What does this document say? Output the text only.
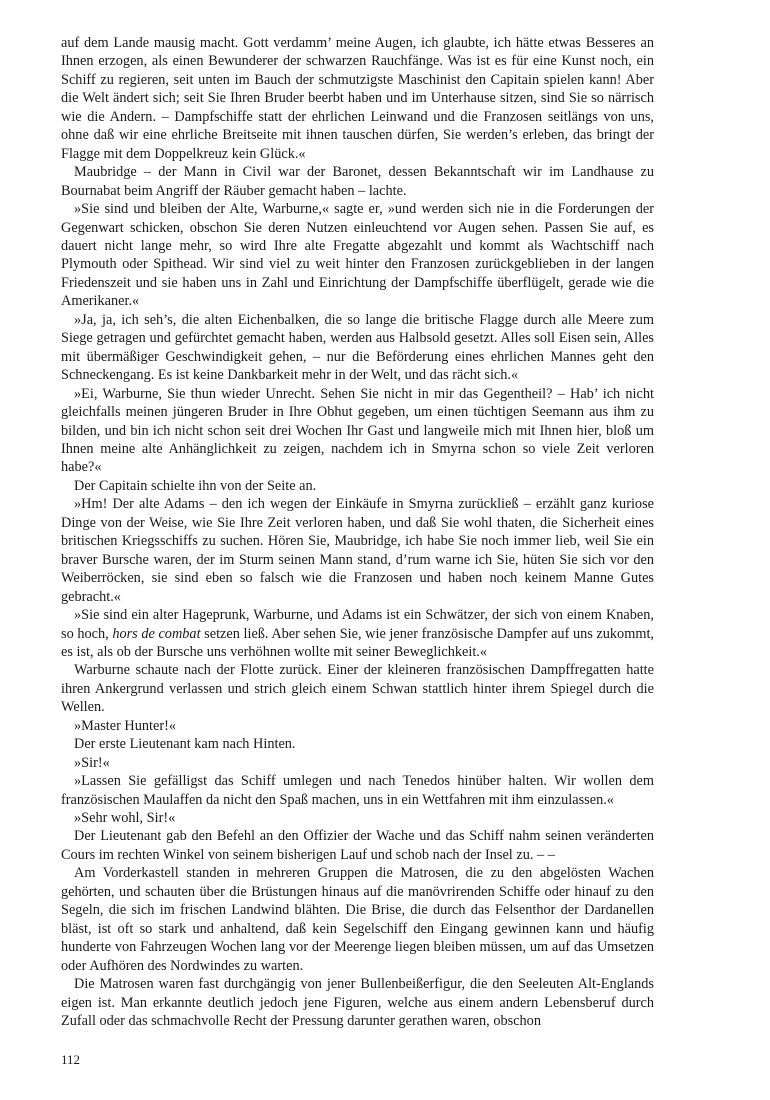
auf dem Lande mausig macht. Gott verdamm’ meine Augen, ich glaubte, ich hätte etwas Besseres an Ihnen erzogen, als einen Bewunderer der schwarzen Rauchfänge. Was ist es für eine Kunst noch, ein Schiff zu regieren, seit unten im Bauch der schmutzigste Maschinist den Capitain spielen kann! Aber die Welt ändert sich; seit Sie Ihren Bruder beerbt haben und im Unterhause sitzen, sind Sie so närrisch wie die Andern. – Dampfschiffe statt der ehrlichen Leinwand und die Franzosen seitlängs von uns, ohne daß wir eine ehrliche Breitseite mit ihnen tauschen dürfen, Sie werden’s erleben, das bringt der Flagge mit dem Doppelkreuz kein Glück.«

Maubridge – der Mann in Civil war der Baronet, dessen Bekanntschaft wir im Landhause zu Bournabat beim Angriff der Räuber gemacht haben – lachte.

»Sie sind und bleiben der Alte, Warburne,« sagte er, »und werden sich nie in die Forderungen der Gegenwart schicken, obschon Sie deren Nutzen einleuchtend vor Augen sehen. Passen Sie auf, es dauert nicht lange mehr, so wird Ihre alte Fregatte abgezahlt und kommt als Wachtschiff nach Plymouth oder Spithead. Wir sind viel zu weit hinter den Franzosen zurückgeblieben in der langen Friedenszeit und sie haben uns in Zahl und Einrichtung der Dampfschiffe überflügelt, gerade wie die Amerikaner.«

»Ja, ja, ich seh’s, die alten Eichenbalken, die so lange die britische Flagge durch alle Meere zum Siege getragen und gefürchtet gemacht haben, werden aus Halbsold gesetzt. Alles soll Eisen sein, Alles mit übermäßiger Geschwindigkeit gehen, – nur die Beförderung eines ehrlichen Mannes geht den Schneckengang. Es ist keine Dankbarkeit mehr in der Welt, und das rächt sich.«

»Ei, Warburne, Sie thun wieder Unrecht. Sehen Sie nicht in mir das Gegentheil? – Hab’ ich nicht gleichfalls meinen jüngeren Bruder in Ihre Obhut gegeben, um einen tüchtigen Seemann aus ihm zu bilden, und bin ich nicht schon seit drei Wochen Ihr Gast und langweile mich mit Ihnen hier, bloß um Ihnen meine alte Anhänglichkeit zu zeigen, nachdem ich in Smyrna schon so viele Zeit verloren habe?«

Der Capitain schielte ihn von der Seite an.

»Hm! Der alte Adams – den ich wegen der Einkäufe in Smyrna zurückließ – erzählt ganz kuriose Dinge von der Weise, wie Sie Ihre Zeit verloren haben, und daß Sie wohl thaten, die Sicherheit eines britischen Kriegsschiffs zu suchen. Hören Sie, Maubridge, ich habe Sie noch immer lieb, weil Sie ein braver Bursche waren, der im Sturm seinen Mann stand, d’rum warne ich Sie, hüten Sie sich vor den Weiberröcken, sie sind eben so falsch wie die Franzosen und haben noch keinem Manne Gutes gebracht.«

»Sie sind ein alter Hageprunk, Warburne, und Adams ist ein Schwätzer, der sich von einem Knaben, so hoch, hors de combat setzen ließ. Aber sehen Sie, wie jener französische Dampfer auf uns zukommt, es ist, als ob der Bursche uns verhöhnen wollte mit seiner Beweglichkeit.«

Warburne schaute nach der Flotte zurück. Einer der kleineren französischen Dampffregatten hatte ihren Ankergrund verlassen und strich gleich einem Schwan stattlich hinter ihrem Spiegel durch die Wellen.

»Master Hunter!«

Der erste Lieutenant kam nach Hinten.

»Sir!«

»Lassen Sie gefälligst das Schiff umlegen und nach Tenedos hinüber halten. Wir wollen dem französischen Maulaffen da nicht den Spaß machen, uns in ein Wettfahren mit ihm einzulassen.«

»Sehr wohl, Sir!«

Der Lieutenant gab den Befehl an den Offizier der Wache und das Schiff nahm seinen veränderten Cours im rechten Winkel von seinem bisherigen Lauf und schob nach der Insel zu. – –

Am Vorderkastell standen in mehreren Gruppen die Matrosen, die zu den abgelösten Wachen gehörten, und schauten über die Brüstungen hinaus auf die manövrirenden Schiffe oder hinauf zu den Segeln, die sich im frischen Landwind blähten. Die Brise, die durch das Felsenthor der Dardanellen bläst, ist oft so stark und anhaltend, daß kein Segelschiff den Eingang gewinnen kann und häufig hunderte von Fahrzeugen Wochen lang vor der Meerenge liegen bleiben müssen, um auf das Umsetzen oder Aufhören des Nordwindes zu warten.

Die Matrosen waren fast durchgängig von jener Bullenbeißerfigur, die den Seeleuten Alt-Englands eigen ist. Man erkannte deutlich jedoch jene Figuren, welche aus einem andern Lebensberuf durch Zufall oder das schmachvolle Recht der Pressung darunter gerathen waren, obschon

112
